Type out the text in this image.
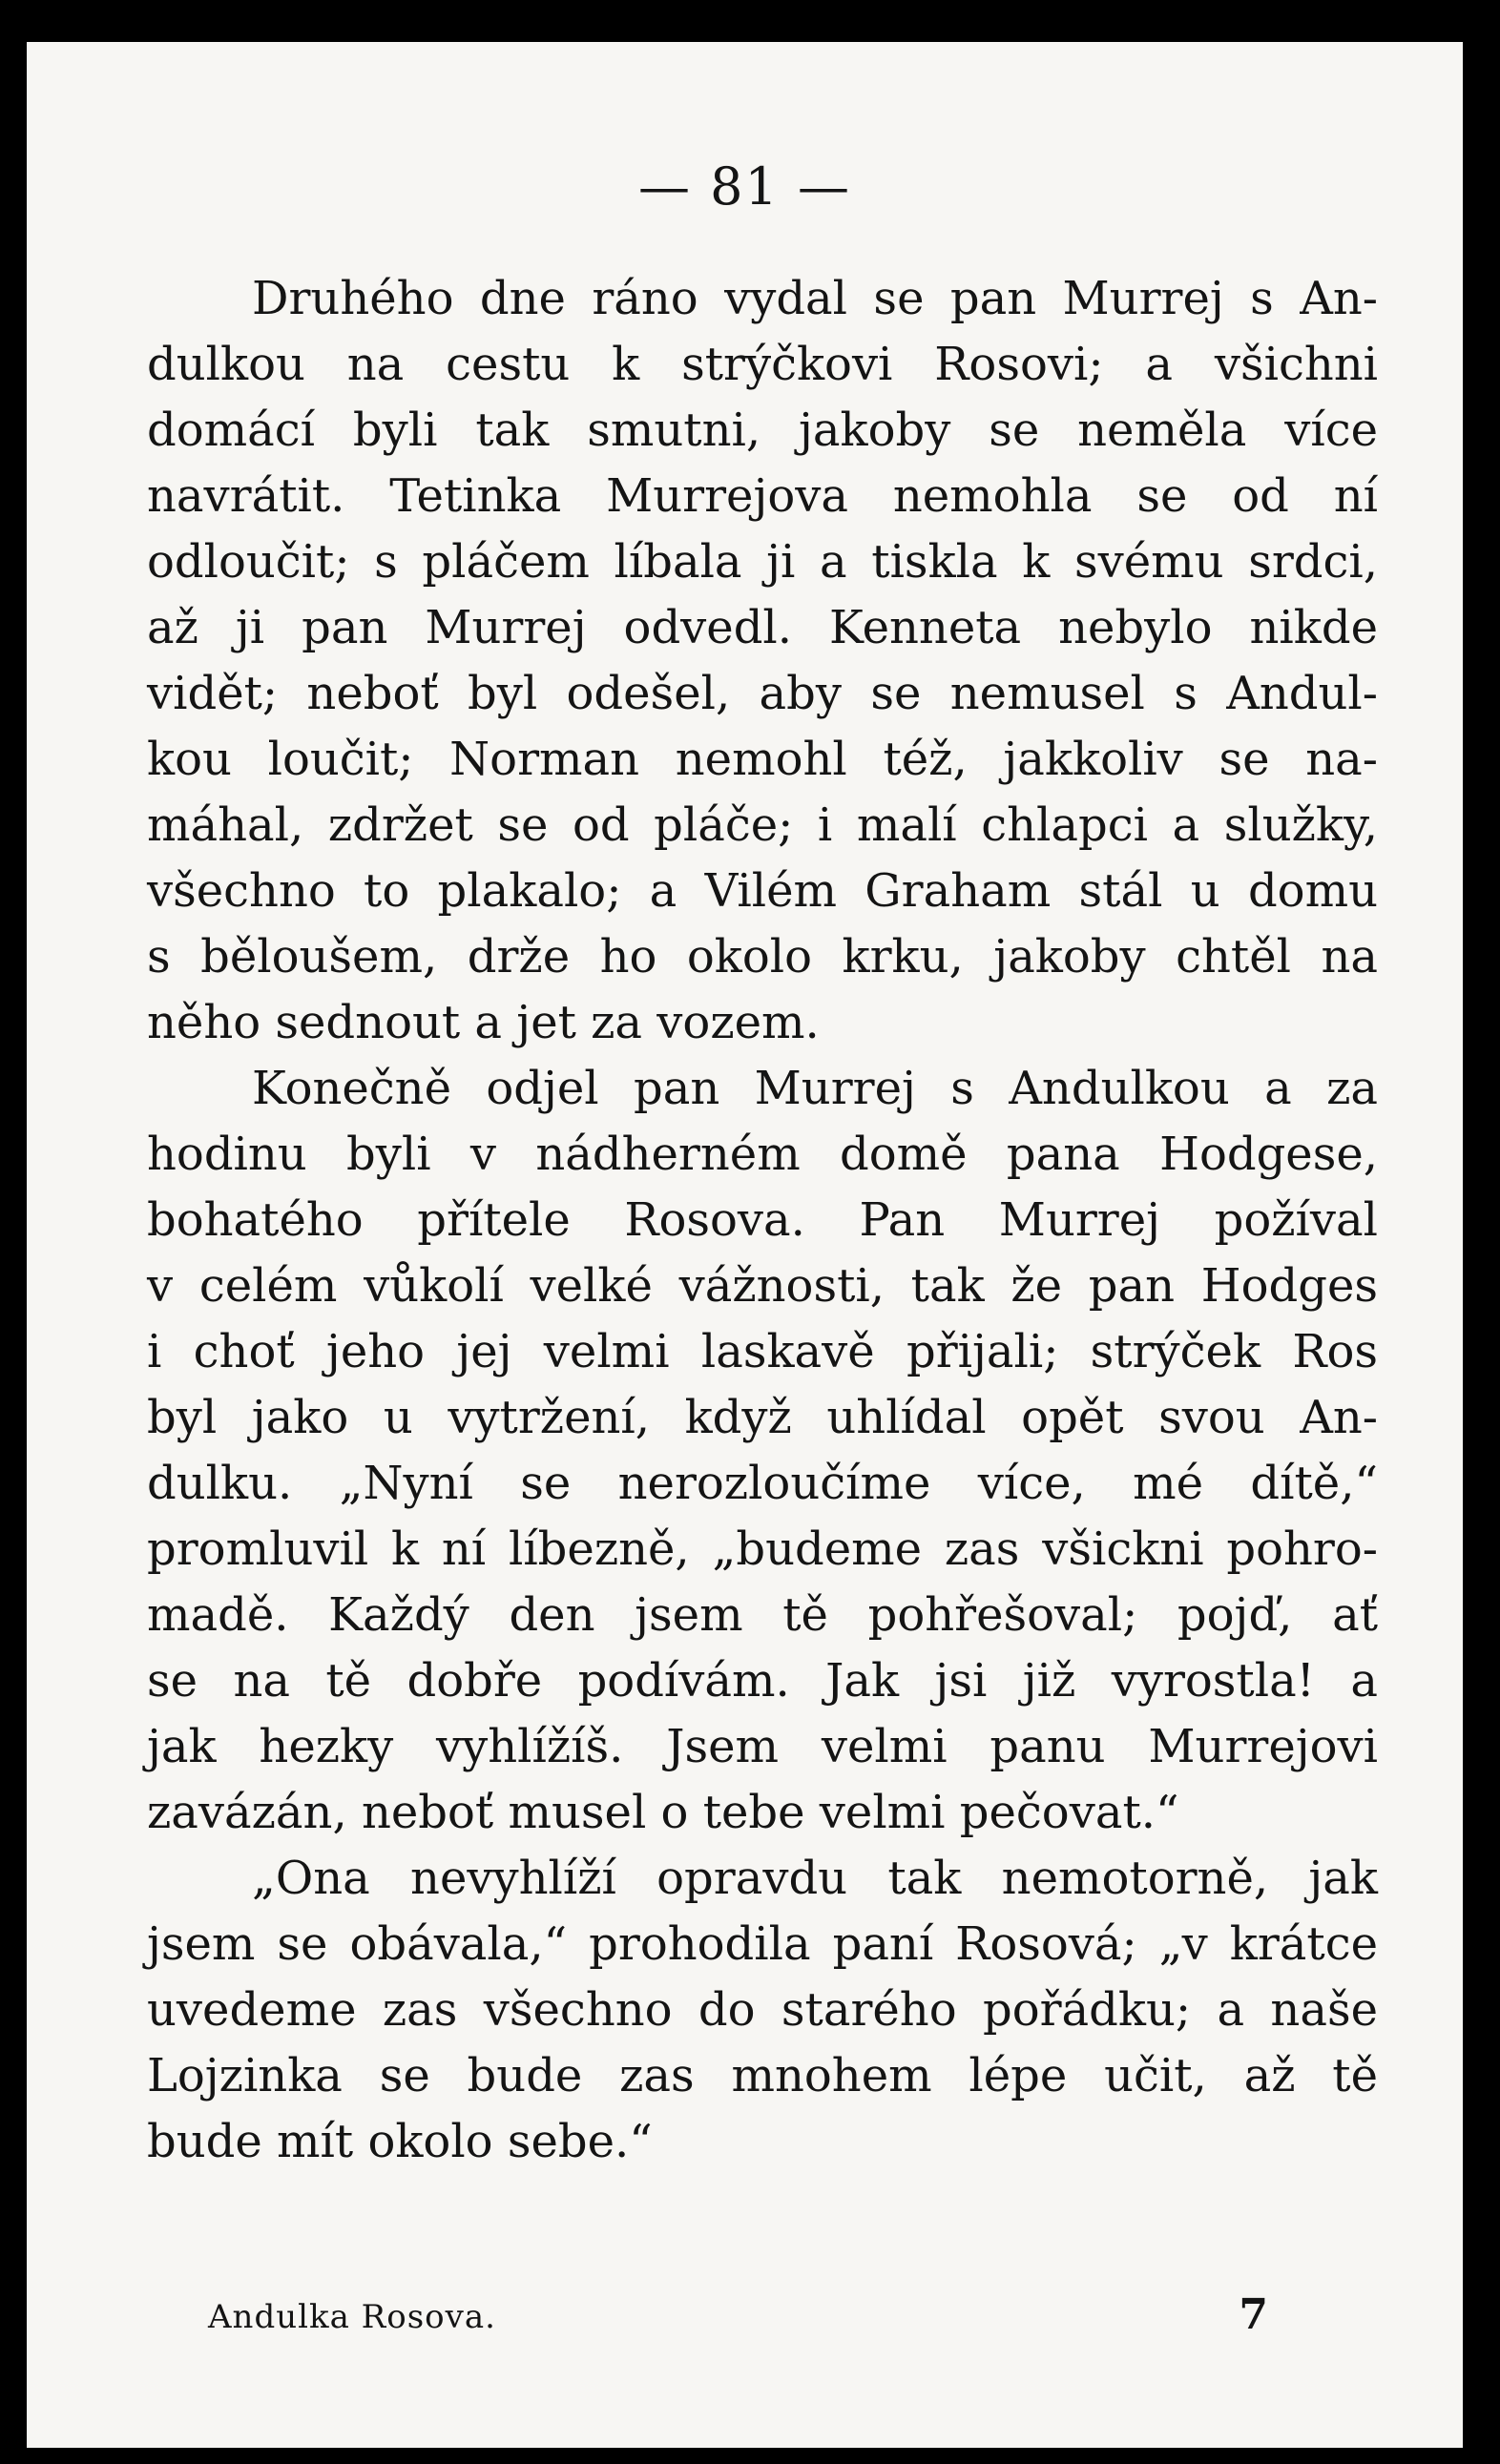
— 81 —
Druhého dne ráno vydal se pan Murrej s An-
dulkou na cestu k strýčkovi Rosovi; a všichni
domácí byli tak smutni, jakoby se neměla více
navrátit. Tetinka Murrejova nemohla se od ní
odloučit; s pláčem líbala ji a tiskla k svému srdci,
až ji pan Murrej odvedl. Kenneta nebylo nikde
vidět; neboť byl odešel, aby se nemusel s Andul-
kou loučit; Norman nemohl též, jakkoliv se na-
máhal, zdržet se od pláče; i malí chlapci a služky,
všechno to plakalo; a Vilém Graham stál u domu
s běloušem, drže ho okolo krku, jakoby chtěl na
něho sednout a jet za vozem.
Konečně odjel pan Murrej s Andulkou a za
hodinu byli v nádherném domě pana Hodgese,
bohatého přítele Rosova. Pan Murrej požíval
v celém vůkolí velké vážnosti, tak že pan Hodges
i choť jeho jej velmi laskavě přijali; strýček Ros
byl jako u vytržení, když uhlídal opět svou An-
dulku. „Nyní se nerozloučíme více, mé dítě,“
promluvil k ní líbezně, „budeme zas všickni pohro-
madě. Každý den jsem tě pohřešoval; pojď, ať
se na tě dobře podívám. Jak jsi již vyrostla! a
jak hezky vyhlížíš. Jsem velmi panu Murrejovi
zavázán, neboť musel o tebe velmi pečovat.“
„Ona nevyhlíží opravdu tak nemotorně, jak
jsem se obávala,“ prohodila paní Rosová; „v krátce
uvedeme zas všechno do starého pořádku; a naše
Lojzinka se bude zas mnohem lépe učit, až tě
bude mít okolo sebe.“
Andulka Rosova.	7
